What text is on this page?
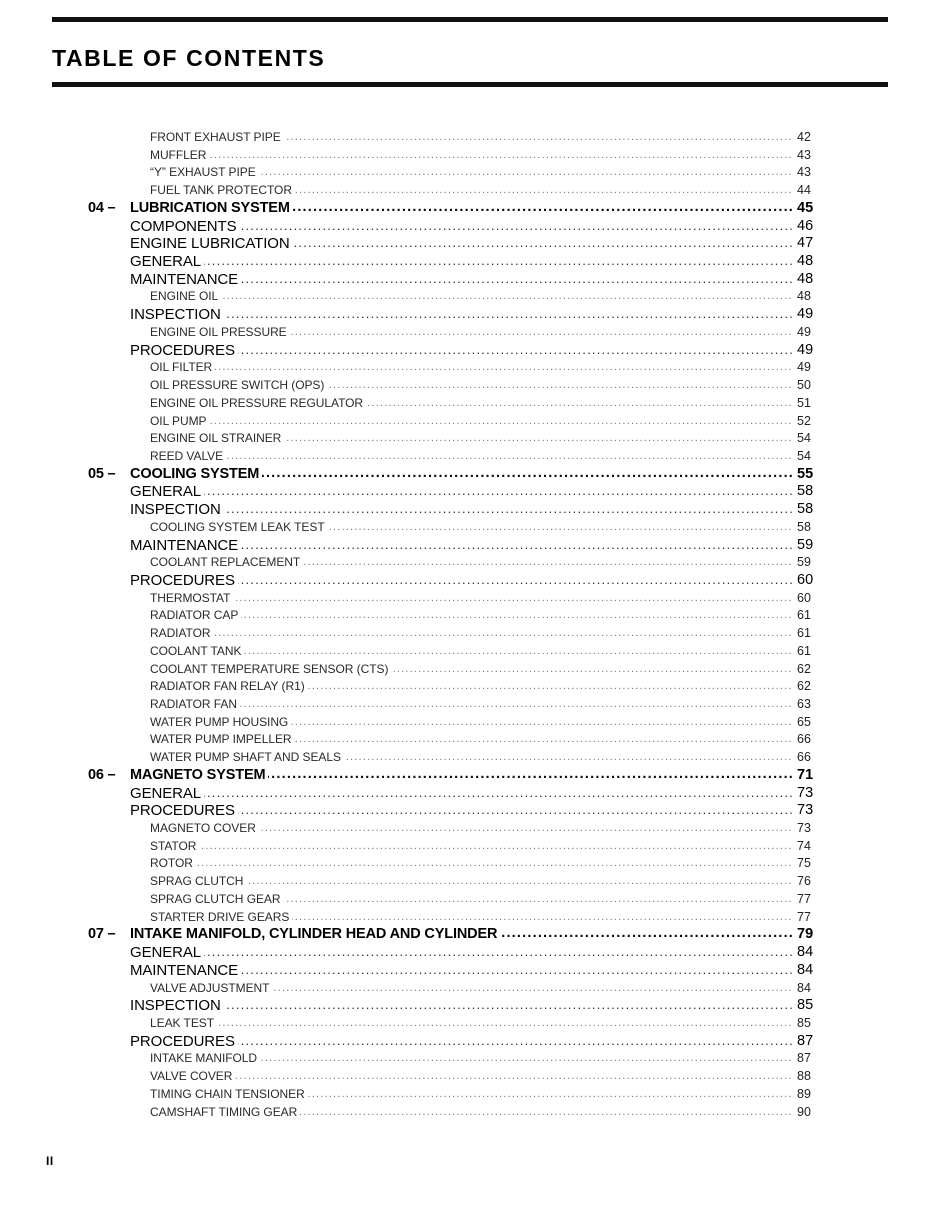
TABLE OF CONTENTS
.....
FRONT EXHAUST PIPE	42
.....
MUFFLER	43
.....
“Y” EXHAUST PIPE	43
.....
FUEL TANK PROTECTOR	44
04 – ..... LUBRICATION SYSTEM	45
.....
COMPONENTS	46
.....
ENGINE LUBRICATION	47
.....
GENERAL	48
.....
MAINTENANCE	48
.....
ENGINE OIL	48
.....
INSPECTION	49
.....
ENGINE OIL PRESSURE	49
.....
PROCEDURES	49
.....
OIL FILTER	49
.....
OIL PRESSURE SWITCH (OPS)	50
.....
ENGINE OIL PRESSURE REGULATOR	51
.....
OIL PUMP	52
.....
ENGINE OIL STRAINER	54
.....
REED VALVE	54
05 – ..... COOLING SYSTEM	55
.....
GENERAL	58
.....
INSPECTION	58
.....
COOLING SYSTEM LEAK TEST	58
.....
MAINTENANCE	59
.....
COOLANT REPLACEMENT	59
.....
PROCEDURES	60
.....
THERMOSTAT	60
.....
RADIATOR CAP	61
.....
RADIATOR	61
.....
COOLANT TANK	61
.....
COOLANT TEMPERATURE SENSOR (CTS)	62
.....
RADIATOR FAN RELAY (R1)	62
.....
RADIATOR FAN	63
.....
WATER PUMP HOUSING	65
.....
WATER PUMP IMPELLER	66
.....
WATER PUMP SHAFT AND SEALS	66
06 – ..... MAGNETO SYSTEM	71
.....
GENERAL	73
.....
PROCEDURES	73
.....
MAGNETO COVER	73
.....
STATOR	74
.....
ROTOR	75
.....
SPRAG CLUTCH	76
.....
SPRAG CLUTCH GEAR	77
.....
STARTER DRIVE GEARS	77
07 – ..... INTAKE MANIFOLD, CYLINDER HEAD AND CYLINDER	79
.....
GENERAL	84
.....
MAINTENANCE	84
.....
VALVE ADJUSTMENT	84
.....
INSPECTION	85
.....
LEAK TEST	85
.....
PROCEDURES	87
.....
INTAKE MANIFOLD	87
.....
VALVE COVER	88
.....
TIMING CHAIN TENSIONER	89
.....
CAMSHAFT TIMING GEAR	90
II
